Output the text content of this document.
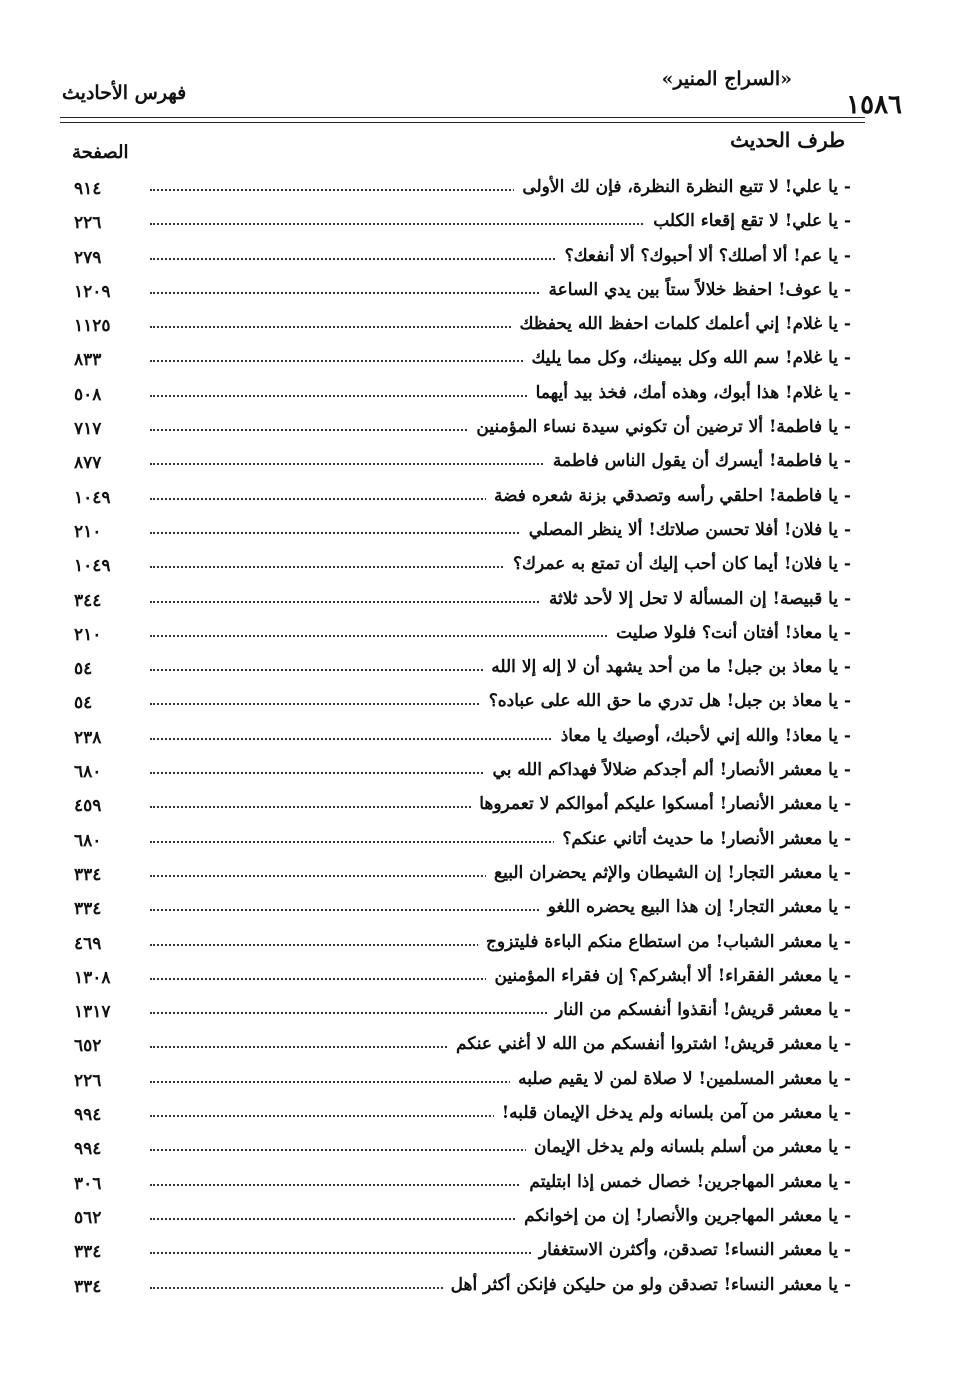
١٥٨٦
«السراج المنير»
فهرس الأحاديث
طرف الحديث
الصفحة
- يا علي! لا تتبع النظرة النظرة، فإن لك الأولى
٩١٤
- يا علي! لا تقع إقعاء الكلب
٢٢٦
- يا عم! ألا أصلك؟ ألا أحبوك؟ ألا أنفعك؟
٢٧٩
- يا عوف! احفظ خلالاً ستاً بين يدي الساعة
١٢٠٩
- يا غلام! إني أعلمك كلمات احفظ الله يحفظك
١١٢٥
- يا غلام! سم الله وكل بيمينك، وكل مما يليك
٨٣٣
- يا غلام! هذا أبوك، وهذه أمك، فخذ بيد أيهما
٥٠٨
- يا فاطمة! ألا ترضين أن تكوني سيدة نساء المؤمنين
٧١٧
- يا فاطمة! أيسرك أن يقول الناس فاطمة
٨٧٧
- يا فاطمة! احلقي رأسه وتصدقي بزنة شعره فضة
١٠٤٩
- يا فلان! أفلا تحسن صلاتك! ألا ينظر المصلي
٢١٠
- يا فلان! أيما كان أحب إليك أن تمتع به عمرك؟
١٠٤٩
- يا قبيصة! إن المسألة لا تحل إلا لأحد ثلاثة
٣٤٤
- يا معاذ! أفتان أنت؟ فلولا صليت
٢١٠
- يا معاذ بن جبل! ما من أحد يشهد أن لا إله إلا الله
٥٤
- يا معاذ بن جبل! هل تدري ما حق الله على عباده؟
٥٤
- يا معاذ! والله إني لأحبك، أوصيك يا معاذ
٢٣٨
- يا معشر الأنصار! ألم أجدكم ضلالاً فهداكم الله بي
٦٨٠
- يا معشر الأنصار! أمسكوا عليكم أموالكم لا تعمروها
٤٥٩
- يا معشر الأنصار! ما حديث أتاني عنكم؟
٦٨٠
- يا معشر التجار! إن الشيطان والإثم يحضران البيع
٣٣٤
- يا معشر التجار! إن هذا البيع يحضره اللغو
٣٣٤
- يا معشر الشباب! من استطاع منكم الباءة فليتزوج
٤٦٩
- يا معشر الفقراء! ألا أبشركم؟ إن فقراء المؤمنين
١٣٠٨
- يا معشر قريش! أنقذوا أنفسكم من النار
١٣١٧
- يا معشر قريش! اشتروا أنفسكم من الله لا أغني عنكم
٦٥٢
- يا معشر المسلمين! لا صلاة لمن لا يقيم صلبه
٢٢٦
- يا معشر من آمن بلسانه ولم يدخل الإيمان قلبه!
٩٩٤
- يا معشر من أسلم بلسانه ولم يدخل الإيمان
٩٩٤
- يا معشر المهاجرين! خصال خمس إذا ابتليتم
٣٠٦
- يا معشر المهاجرين والأنصار! إن من إخوانكم
٥٦٢
- يا معشر النساء! تصدقن، وأكثرن الاستغفار
٣٣٤
- يا معشر النساء! تصدقن ولو من حليكن فإنكن أكثر أهل
٣٣٤
